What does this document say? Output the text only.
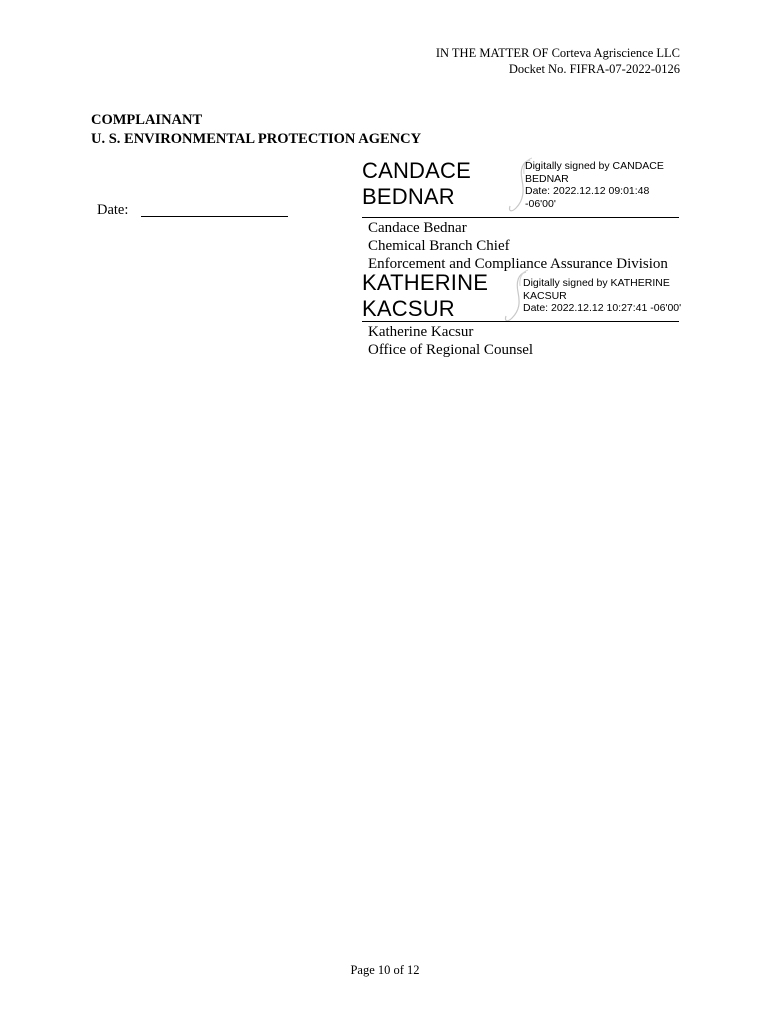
IN THE MATTER OF Corteva Agriscience LLC
Docket No. FIFRA-07-2022-0126
COMPLAINANT
U. S. ENVIRONMENTAL PROTECTION AGENCY
Date:
CANDACE
BEDNAR
Digitally signed by CANDACE
BEDNAR
Date: 2022.12.12 09:01:48
-06'00'
Candace Bednar
Chemical Branch Chief
Enforcement and Compliance Assurance Division
KATHERINE
KACSUR
Digitally signed by KATHERINE
KACSUR
Date: 2022.12.12 10:27:41 -06'00'
Katherine Kacsur
Office of Regional Counsel
Page 10 of 12
